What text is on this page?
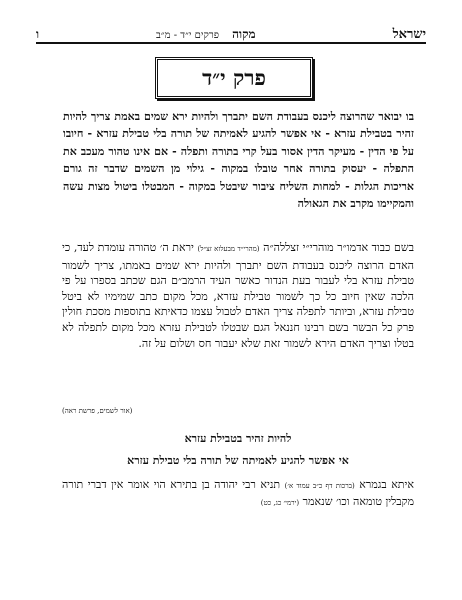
ו	מקוה פרקים י״ד - מ״ב	ישראל
פרק י״ד
בו יבואר שהרוצה ליכנס בעבודת השם יתברך ולהיות ירא שמים באמת צריך להיות זהיר בטבילת עזרא - אי אפשר להגיע לאמיתה של תורה בלי טבילת עזרא - חיובו על פי הדין - מעיקר הדין אסור בעל קרי בתורה ותפלה - אם אינו טהור מעכב את התפלה - יעסוק בתורה אחר טובלו במקוה - גילוי מן השמים שדבר זה גורם אריכות הגלות - למחות השליח ציבור שיבטל במקוה - המבטלו ביטול מצות עשה והמקיימו מקרב את הגאולה
בשם כבוד אדמו״ר מוהרי״י זצללה״ה (מהרי״ד מבעלזא זצ״ל) יראת ה׳ טהורה עומדת לעד, כי האדם הרוצה ליכנס בעבודת השם יתברך ולהיות ירא שמים באמתו, צריך לשמור טבילת עזרא בלי לעבור בעת הנדור כאשר העיד הרמב״ם הגם שכתב בספרו על פי הלכה שאין חיוב כל כך לשמור טבילת עזרא, מכל מקום כתב שמימיו לא ביטל טבילת עזרא, וביותר לתפלה צריך האדם לטבול עצמו כדאיתא בתוספות מסכת חולין פרק כל הבשר בשם רבינו חננאל הגם שבטלו לטבילת עזרא מכל מקום לתפלה לא בטלו וצריך האדם הירא לשמור זאת שלא יעבור חס ושלום על זה.
(אור לשמים, פרשת ראה)
להיות זהיר בטבילת עזרא
אי אפשר להגיע לאמיתה של תורה בלי טבילת עזרא
איתא בגמרא (ברכות דף כ״ב עמוד א׳) תניא רבי יהודה בן בתירא הוי אומר אין דברי תורה מקבלין טומאה וכו׳ שנאמר (ירמי׳ כג, כט)
